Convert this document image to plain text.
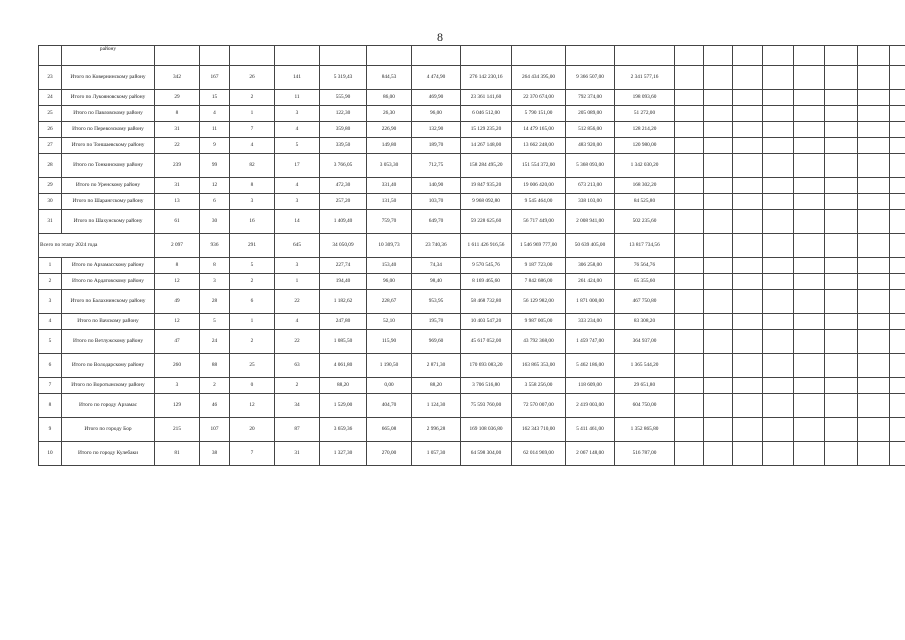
8
	району																			
23	Итого по Ковернинскому району	342	167	26	141	5 319,43	844,53	4 474,90	276 142 230,16	264 434 395,00	9 366 507,00	2 341 577,16								
24	Итого по Лукояновскому району	29	15	2	11	555,90	86,00	469,90	23 361 141,60	22 370 674,00	792 374,00	198 093,60								
25	Итого по Павловскому району	8	4	1	3	122,30	26,30	96,00	6 046 512,00	5 790 151,00	205 089,00	51 272,00								
26	Итого по Перевозскому району	31	11	7	4	359,80	226,90	132,90	15 129 235,20	14 479 165,00	512 856,00	128 214,20								
27	Итого по Тоншаевскому району	22	9	4	5	339,50	149,80	189,70	14 267 148,00	13 662 248,00	483 920,00	120 980,00								
28	Итого по Тонкинскому району	239	99	82	17	3 766,05	3 053,30	712,75	158 284 495,20	151 554 372,00	5 368 093,00	1 342 030,20								
29	Итого по Уренскому району	31	12	8	4	472,30	331,40	140,90	19 847 935,20	19 006 420,00	673 213,00	168 302,20								
30	Итого по Шарангскому району	13	6	3	3	257,20	131,50	103,70	9 968 092,80	9 545 464,00	338 103,00	84 525,80								
31	Итого по Шахунскому району	61	30	16	14	1 409,40	759,70	649,70	59 228 625,60	56 717 449,00	2 008 941,00	502 235,60								
Всего по этапу 2024 года		2 097	936	291	645	34 050,09	10 309,73	23 740,36	1 611 426 916,56	1 546 969 777,00	50 639 405,00	13 817 734,56								
1	Итого по Арзамасскому району	8	8	5	3	227,74	153,40	74,34	9 570 545,76	9 187 723,00	306 258,00	76 564,76								
2	Итого по Ардатовскому району	12	3	2	1	194,40	96,00	98,40	8 169 465,60	7 842 686,00	261 424,00	65 355,60								
3	Итого по Балахнинскому району	49	28	6	22	1 182,62	228,67	953,95	58 468 732,80	56 129 982,00	1 871 000,00	467 750,80								
4	Итого по Вачскому району	12	5	1	4	247,80	52,10	195,70	10 403 547,20	9 987 005,00	333 234,00	83 308,20								
5	Итого по Ветлужскому району	47	24	2	22	1 085,50	115,90	969,60	45 617 052,00	43 792 368,00	1 459 747,00	364 937,00								
6	Итого по Володарскому району	260	88	25	63	4 061,80	1 190,50	2 871,30	170 693 083,20	163 865 353,00	5 462 186,00	1 365 544,20								
7	Итого по Воротынскому району	3	2	0	2	88,20	0,00	88,20	3 706 516,80	3 558 256,00	118 609,00	29 651,80								
8	Итого по городу Арзамас	129	46	12	34	1 529,00	404,70	1 124,30	75 593 760,00	72 570 007,00	2 419 003,00	604 750,00								
9	Итого по городу Бор	215	107	20	87	3 659,36	665,08	2 996,28	169 108 036,80	162 343 710,00	5 411 461,00	1 352 865,80								
10	Итого по городу Кулебаки	81	38	7	31	1 327,30	270,00	1 057,30	64 598 304,00	62 014 969,00	2 067 148,00	516 787,00								
